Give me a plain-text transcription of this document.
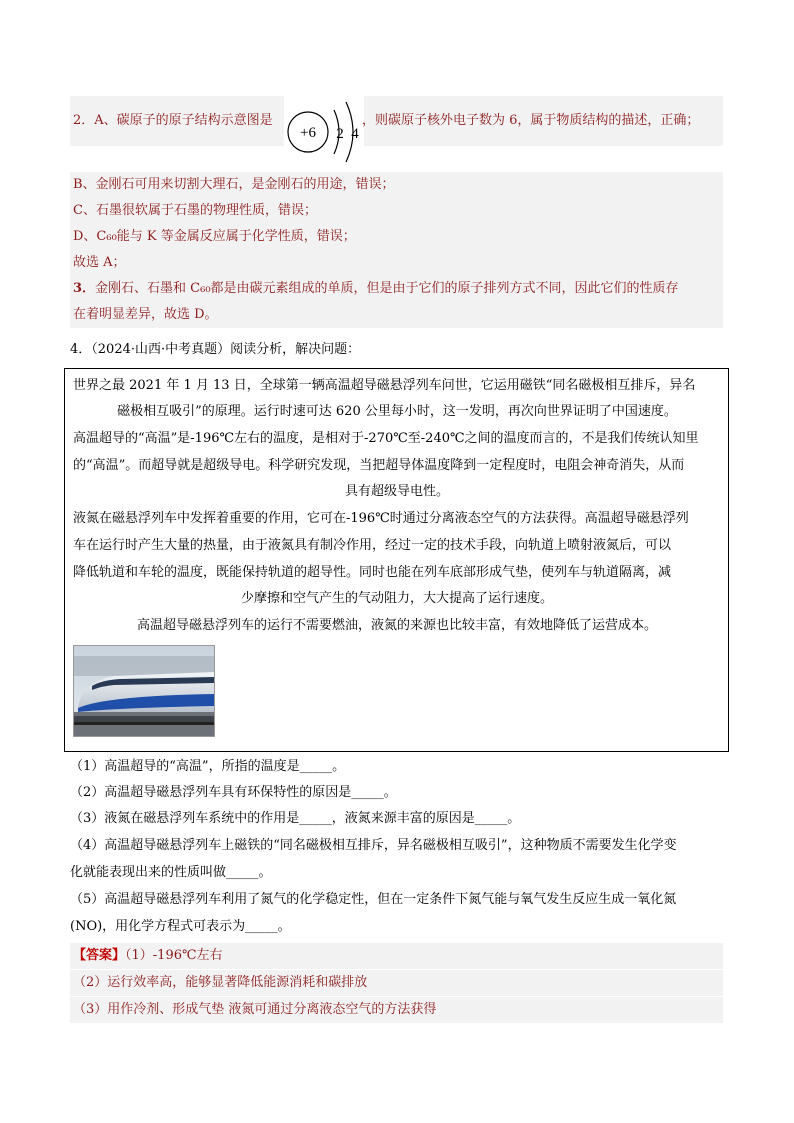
2．A、碳原子的原子结构示意图是
+6 2 4
，则碳原子核外电子数为 6，属于物质结构的描述，正确；
B、金刚石可用来切割大理石，是金刚石的用途，错误；
C、石墨很软属于石墨的物理性质，错误；
D、C₆₀能与 K 等金属反应属于化学性质，错误；
故选 A；
3．金刚石、石墨和 C₆₀都是由碳元素组成的单质，但是由于它们的原子排列方式不同，因此它们的性质存
在着明显差异，故选 D。
4．（2024·山西·中考真题）阅读分析，解决问题：
世界之最 2021 年 1 月 13 日，全球第一辆高温超导磁悬浮列车问世，它运用磁铁“同名磁极相互排斥，异名
磁极相互吸引”的原理。运行时速可达 620 公里每小时，这一发明，再次向世界证明了中国速度。
高温超导的“高温”是-196℃左右的温度，是相对于-270℃至-240℃之间的温度而言的，不是我们传统认知里
的“高温”。而超导就是超级导电。科学研究发现，当把超导体温度降到一定程度时，电阻会神奇消失，从而
具有超级导电性。
液氮在磁悬浮列车中发挥着重要的作用，它可在-196℃时通过分离液态空气的方法获得。高温超导磁悬浮列
车在运行时产生大量的热量，由于液氮具有制冷作用，经过一定的技术手段，向轨道上喷射液氮后，可以
降低轨道和车轮的温度，既能保持轨道的超导性。同时也能在列车底部形成气垫，使列车与轨道隔离，减
少摩擦和空气产生的气动阻力，大大提高了运行速度。
高温超导磁悬浮列车的运行不需要燃油，液氮的来源也比较丰富，有效地降低了运营成本。
（1）高温超导的“高温”，所指的温度是_____。
（2）高温超导磁悬浮列车具有环保特性的原因是_____。
（3）液氮在磁悬浮列车系统中的作用是_____，液氮来源丰富的原因是_____。
（4）高温超导磁悬浮列车上磁铁的“同名磁极相互排斥，异名磁极相互吸引”，这种物质不需要发生化学变
化就能表现出来的性质叫做_____。
（5）高温超导磁悬浮列车利用了氮气的化学稳定性，但在一定条件下氮气能与氧气发生反应生成一氧化氮
(NO)，用化学方程式可表示为_____。
【答案】（1）-196℃左右
（2）运行效率高，能够显著降低能源消耗和碳排放
（3）用作冷剂、形成气垫 液氮可通过分离液态空气的方法获得
